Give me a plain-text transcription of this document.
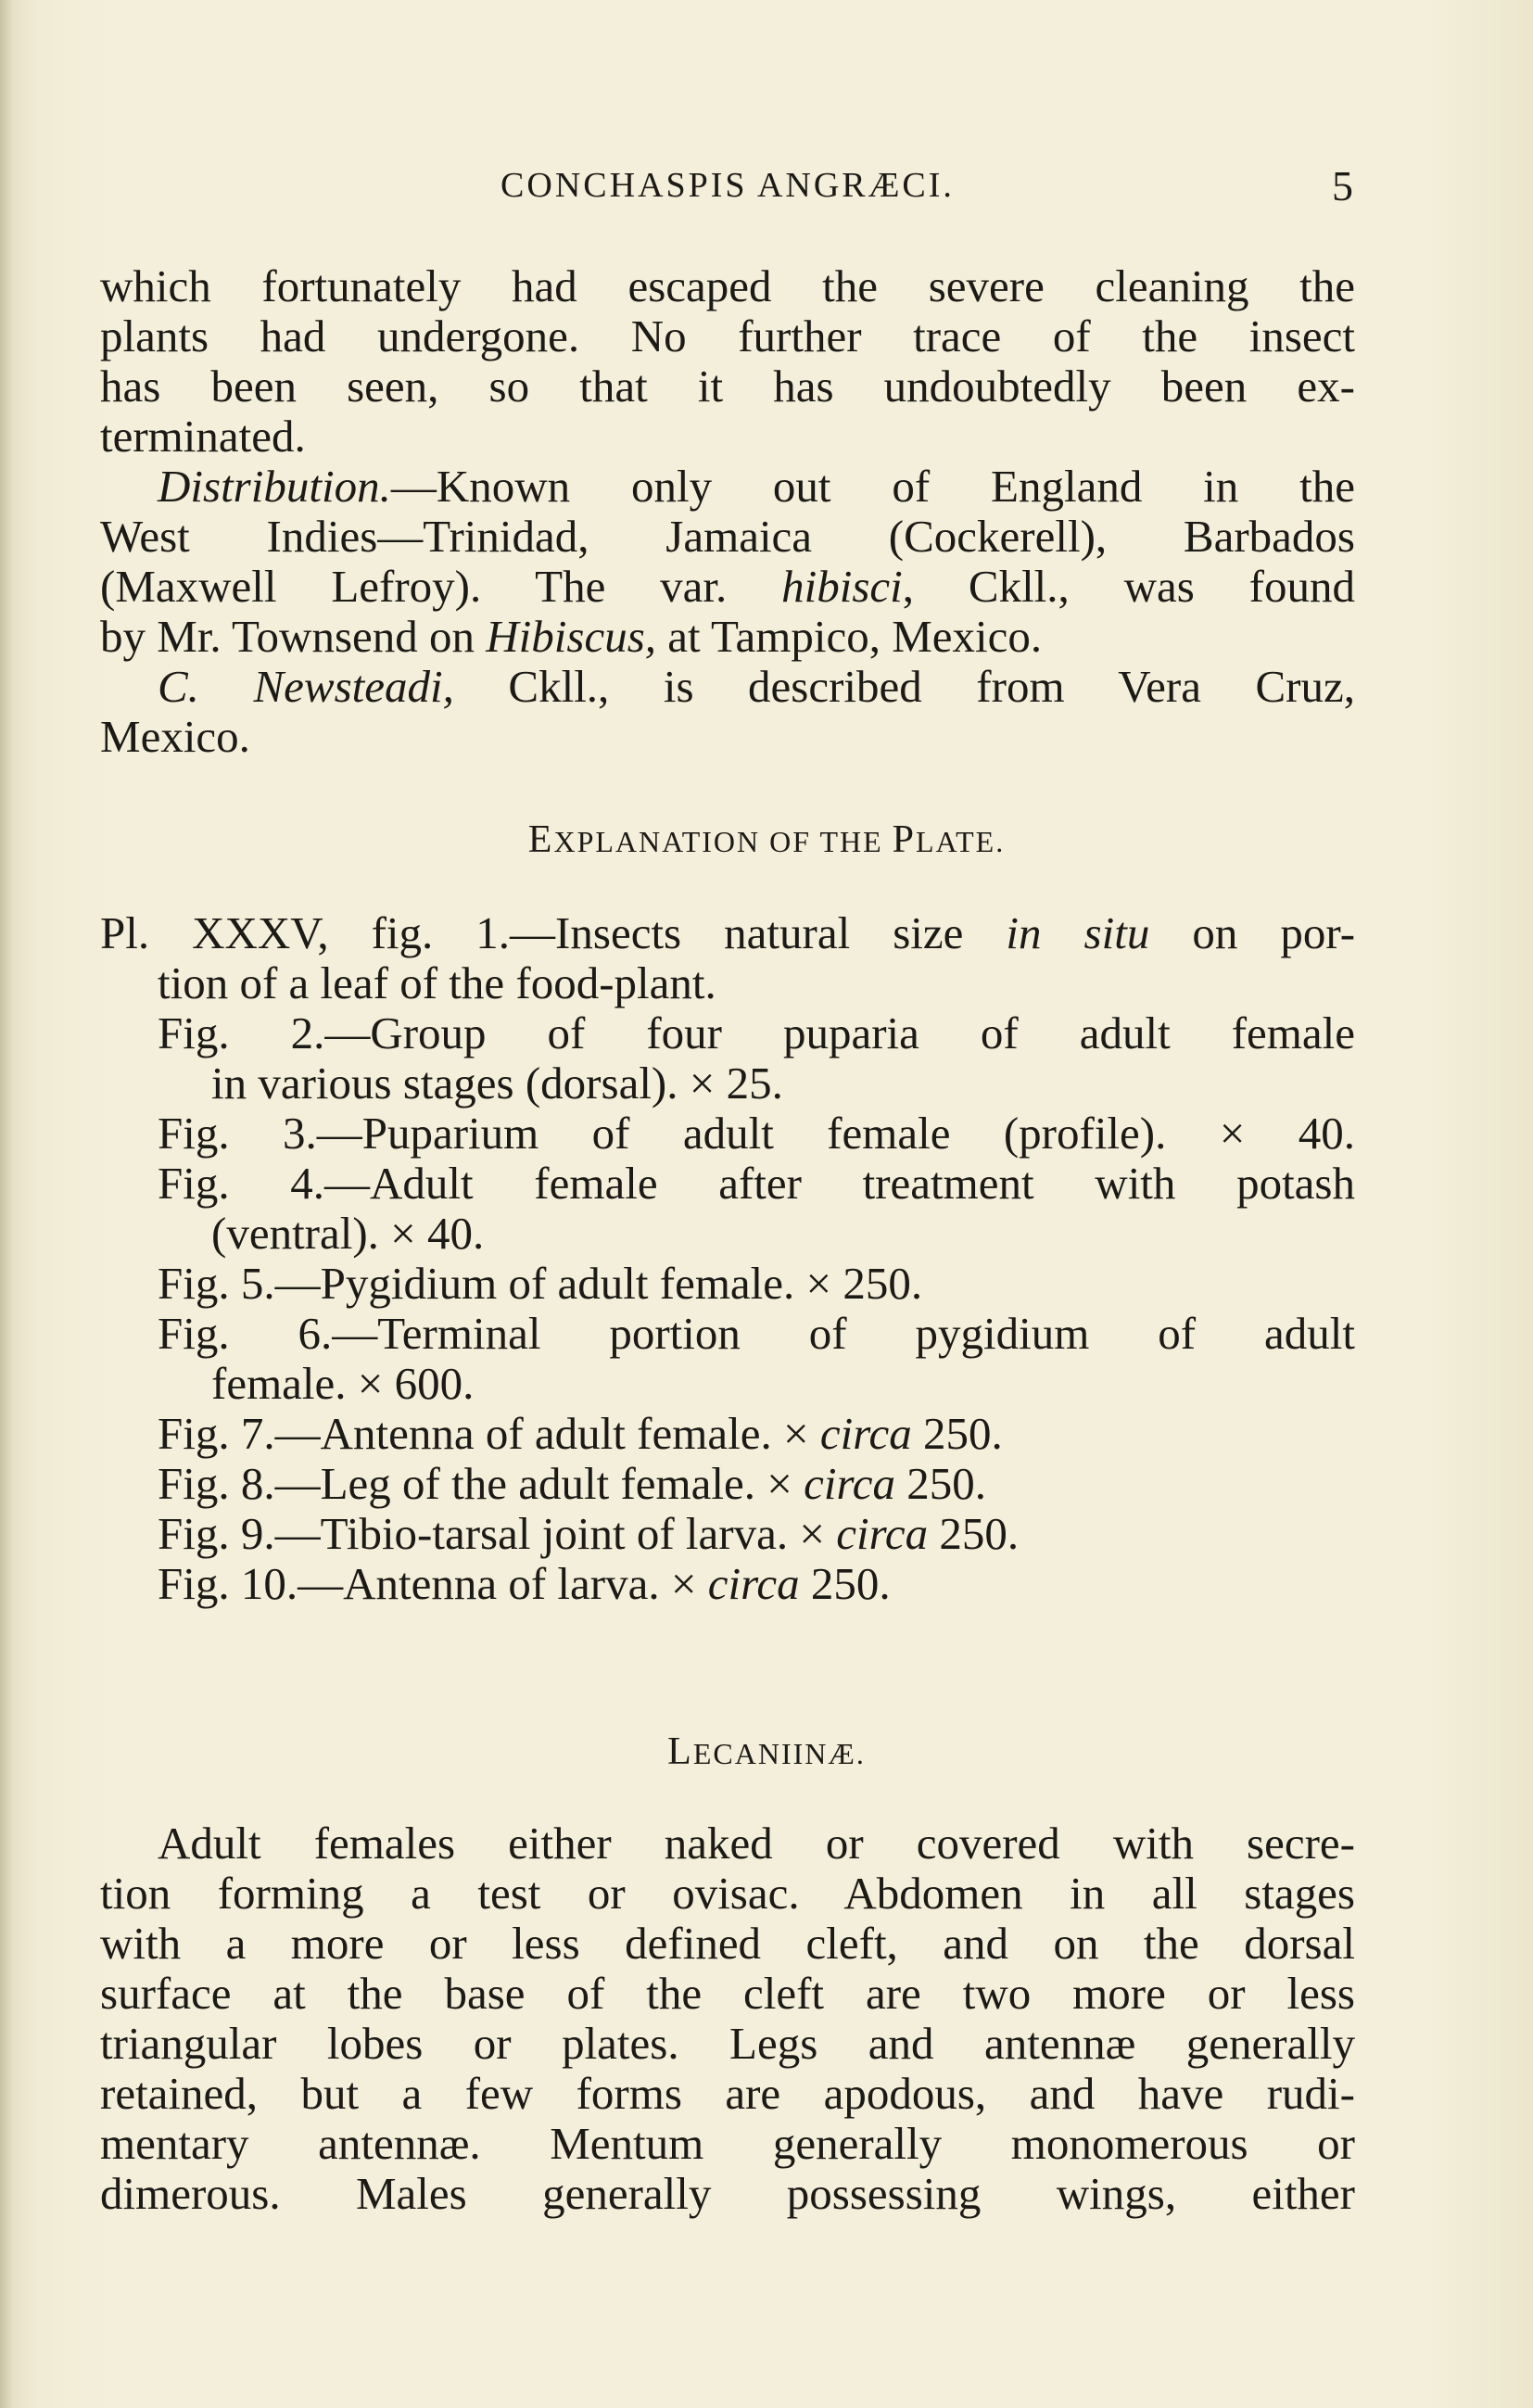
CONCHASPIS ANGRÆCI.	5
which fortunately had escaped the severe cleaning the
plants had undergone. No further trace of the insect
has been seen, so that it has undoubtedly been ex-
terminated.
Distribution.—Known only out of England in the
West Indies—Trinidad, Jamaica (Cockerell), Barbados
(Maxwell Lefroy). The var. hibisci, Ckll., was found
by Mr. Townsend on Hibiscus, at Tampico, Mexico.
C. Newsteadi, Ckll., is described from Vera Cruz,
Mexico.
EXPLANATION OF THE PLATE.
Pl. XXXV, fig. 1.—Insects natural size in situ on por-
tion of a leaf of the food-plant.
Fig. 2.—Group of four puparia of adult female
in various stages (dorsal). × 25.
Fig. 3.—Puparium of adult female (profile). × 40.
Fig. 4.—Adult female after treatment with potash
(ventral). × 40.
Fig. 5.—Pygidium of adult female. × 250.
Fig. 6.—Terminal portion of pygidium of adult
female. × 600.
Fig. 7.—Antenna of adult female. × circa 250.
Fig. 8.—Leg of the adult female. × circa 250.
Fig. 9.—Tibio-tarsal joint of larva. × circa 250.
Fig. 10.—Antenna of larva. × circa 250.
LECANIINÆ.
Adult females either naked or covered with secre-
tion forming a test or ovisac. Abdomen in all stages
with a more or less defined cleft, and on the dorsal
surface at the base of the cleft are two more or less
triangular lobes or plates. Legs and antennæ generally
retained, but a few forms are apodous, and have rudi-
mentary antennæ. Mentum generally monomerous or
dimerous. Males generally possessing wings, either
